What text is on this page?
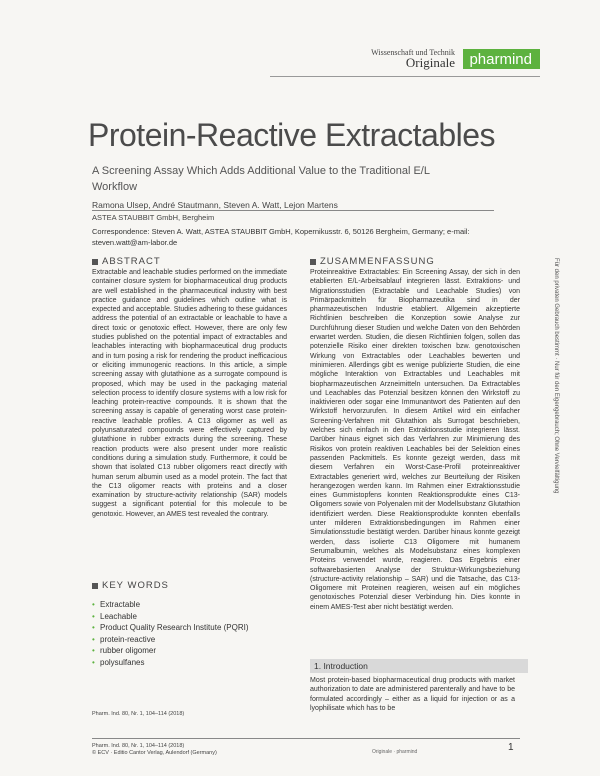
Wissenschaft und Technik
Originale pharmind
Protein-Reactive Extractables

A Screening Assay Which Adds Additional Value to the Traditional E/L Workflow

Ramona Ulsep, André Stautmann, Steven A. Watt, Lejon Martens
ASTEA STAUBBIT GmbH, Bergheim
Correspondence: Steven A. Watt, ASTEA STAUBBIT GmbH, Kopernikusstr. 6, 50126 Bergheim, Germany; e-mail: steven.watt@am-labor.de
Für den privaten Gebrauch bestimmt · Nur für den Eigengebrauch; Ohne Vervielfältigung
ABSTRACT

Extractable and leachable studies performed on the immediate container closure system for biopharmaceutical drug products are well established in the pharmaceutical industry with best practice guidance and guidelines which outline what is expected and acceptable. Studies adhering to these guidances address the potential of an extractable or leachable to have a direct toxic or genotoxic effect. However, there are only few studies published on the potential impact of extractables and leachables interacting with biopharmaceutical drug products and in turn posing a risk for rendering the product inefficacious or eliciting immunogenic reactions. In this article, a simple screening assay with glutathione as a surrogate compound is proposed, which may be used in the packaging material selection process to identify closure systems with a low risk for leaching protein-reactive compounds. It is shown that the screening assay is capable of generating worst case protein-reactive leachable profiles. A C13 oligomer as well as polyunsaturated compounds were effectively captured by glutathione in rubber extracts during the screening. These reaction products were also present under more realistic conditions during a simulation study. Furthermore, it could be shown that isolated C13 rubber oligomers react directly with human serum albumin used as a model protein. The fact that the C13 oligomer reacts with proteins and a closer examination by structure-activity relationship (SAR) models suggest a significant potential for this molecule to be genotoxic. However, an AMES test revealed the contrary.

ZUSAMMENFASSUNG

Proteinreaktive Extractables: Ein Screening Assay, der sich in den etablierten E/L-Arbeitsablauf integrieren lässt. Extraktions- und Migrationsstudien (Extractable und Leachable Studies) von Primärpackmitteln für Biopharmazeutika sind in der pharmazeutischen Industrie etabliert. Allgemein akzeptierte Richtlinien beschreiben die Konzeption sowie Analyse zur Durchführung dieser Studien und welche Daten von den Behörden erwartet werden. Studien, die diesen Richtlinien folgen, sollen das potenzielle Risiko einer direkten toxischen bzw. genotoxischen Wirkung von Extractables oder Leachables bewerten und minimieren. Allerdings gibt es wenige publizierte Studien, die eine mögliche Interaktion von Extractables und Leachables mit biopharmazeutischen Arzneimitteln untersuchen. Da Extractables und Leachables das Potenzial besitzen können den Wirkstoff zu inaktivieren oder sogar eine Immunantwort des Patienten auf den Wirkstoff hervorzurufen. In diesem Artikel wird ein einfacher Screening-Verfahren mit Glutathion als Surrogat beschrieben, welches sich einfach in den Extraktionsstudie integrieren lässt. Darüber hinaus eignet sich das Verfahren zur Minimierung des Risikos von protein reaktiven Leachables bei der Selektion eines passenden Packmittels. Es konnte gezeigt werden, dass mit diesem Verfahren ein Worst-Case-Profil proteinreaktiver Extractables generiert wird, welches zur Beurteilung der Risiken herangezogen werden kann. Im Rahmen einer Extraktionsstudie eines Gummistopfens konnten Reaktionsprodukte eines C13-Oligomers sowie von Polyenalen mit der Modellsubstanz Glutathion identifiziert werden. Diese Reaktionsprodukte konnten ebenfalls unter milderen Extraktionsbedingungen im Rahmen einer Simulationsstudie bestätigt werden. Darüber hinaus konnte gezeigt werden, dass isolierte C13 Oligomere mit humanem Serumalbumin, welches als Modelsubstanz eines komplexen Proteins verwendet wurde, reagieren. Das Ergebnis einer softwarebasierten Analyse der Struktur-Wirkungsbeziehung (structure-activity relationship – SAR) und die Tatsache, das C13-Oligomere mit Proteinen reagieren, weisen auf ein mögliches genotoxisches Potenzial dieser Verbindung hin. Dies konnte in einem AMES-Test aber nicht bestätigt werden.

KEY WORDS
• Extractable
• Leachable
• Product Quality Research Institute (PQRI)
• protein-reactive
• rubber oligomer
• polysulfanes
Pharm. Ind. 80, Nr. 1, 104–114 (2018)
1. Introduction

Most protein-based biopharmaceutical drug products with market authorization to date are administered parenterally and have to be formulated accordingly – either as a liquid for injection or as a lyophilisate which has to be

Pharm. Ind. 80, Nr. 1, 104–114 (2018)
© ECV · Editio Cantor Verlag, Aulendorf (Germany)	Originale · pharmind	1
